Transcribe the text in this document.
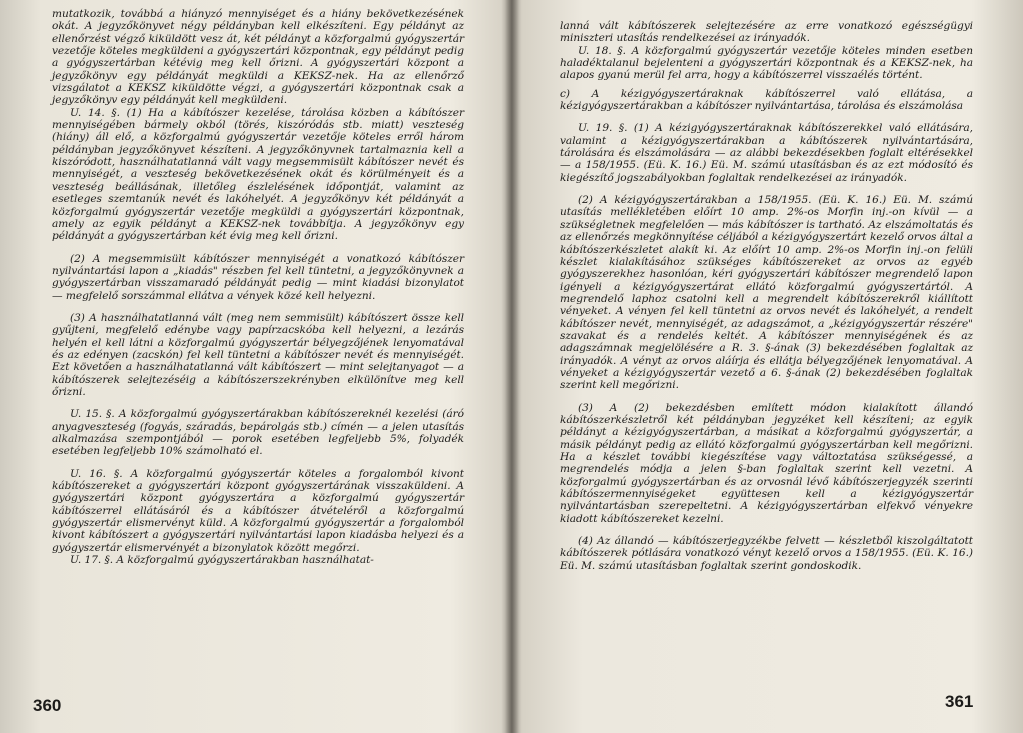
mutatkozik, továbbá a hiányzó mennyiséget és a hiány bekövetkezésének okát. A jegyzőkönyvet négy példányban kell elkészíteni. Egy példányt az ellenőrzést végző kiküldött vesz át, két példányt a közforgalmú gyógyszertár vezetője köteles megküldeni a gyógyszertári központnak, egy példányt pedig a gyógyszertárban kétévig meg kell őrizni. A gyógyszertári központ a jegyzőkönyv egy példányát megküldi a KEKSZ-nek. Ha az ellenőrző vizsgálatot a KEKSZ kiküldötte végzi, a gyógyszertári központnak csak a jegyzőkönyv egy példányát kell megküldeni.

U. 14. §. (1) Ha a kábítószer kezelése, tárolása közben a kábítószer mennyiségében bármely okból (törés, kiszóródás stb. miatt) veszteség (hiány) áll elő, a közforgalmú gyógyszertár vezetője köteles erről három példányban jegyzőkönyvet készíteni. A jegyzőkönyvnek tartalmaznia kell a kiszóródott, használhatatlanná vált vagy megsemmisült kábítószer nevét és mennyiségét, a veszteség bekövetkezésének okát és körülményeit és a veszteség beállásának, illetőleg észlelésének időpontját, valamint az esetleges szemtanúk nevét és lakóhelyét. A jegyzőkönyv két példányát a közforgalmú gyógyszertár vezetője megküldi a gyógyszertári központnak, amely az egyik példányt a KEKSZ-nek továbbítja. A jegyzőkönyv egy példányát a gyógyszertárban két évig meg kell őrizni.

(2) A megsemmisült kábítószer mennyiségét a vonatkozó kábítószer nyilvántartási lapon a „kiadás" részben fel kell tüntetni, a jegyzőkönyvnek a gyógyszertárban visszamaradó példányát pedig — mint kiadási bizonylatot — megfelelő sorszámmal ellátva a vények közé kell helyezni.

(3) A használhatatlanná vált (meg nem semmisült) kábítószert össze kell gyűjteni, megfelelő edénybe vagy papírzacskóba kell helyezni, a lezárás helyén el kell látni a közforgalmú gyógyszertár bélyegzőjének lenyomatával és az edényen (zacskón) fel kell tüntetni a kábítószer nevét és mennyiségét. Ezt követően a használhatatlanná vált kábítószert — mint selejtanyagot — a kábítószerek selejtezéséig a kábítószerszekrényben elkülönítve meg kell őrizni.

U. 15. §. A közforgalmú gyógyszertárakban kábítószereknél kezelési (áró anyagveszteség (fogyás, száradás, bepárolgás stb.) címén — a jelen utasítás alkalmazása szempontjából — porok esetében legfeljebb 5%, folyadék esetében legfeljebb 10% számolható el.

U. 16. §. A közforgalmú gyógyszertár köteles a forgalomból kivont kábítószereket a gyógyszertári központ gyógyszertárának visszaküldeni. A gyógyszertári központ gyógyszertára a közforgalmú gyógyszertár kábítószerrel ellátásáról és a kábítószer átvételéről a közforgalmú gyógyszertár elismervényt küld. A közforgalmú gyógyszertár a forgalomból kivont kábítószert a gyógyszertári nyilvántartási lapon kiadásba helyezi és a gyógyszertár elismervényét a bizonylatok között megőrzi.

U. 17. §. A közforgalmú gyógyszertárakban használhatat-

lanná vált kábítószerek selejtezésére az erre vonatkozó egészségügyi miniszteri utasítás rendelkezései az irányadók.

U. 18. §. A közforgalmú gyógyszertár vezetője köteles minden esetben haladéktalanul bejelenteni a gyógyszertári központnak és a KEKSZ-nek, ha alapos gyanú merül fel arra, hogy a kábítószerrel visszaélés történt.

c) A kézigyógyszertáraknak kábítószerrel való ellátása, a kézigyógyszertárakban a kábítószer nyilvántartása, tárolása és elszámolása

U. 19. §. (1) A kézigyógyszertáraknak kábítószerekkel való ellátására, valamint a kézigyógyszertárakban a kábítószerek nyilvántartására, tárolására és elszámolására — az alábbi bekezdésekben foglalt eltérésekkel — a 158/1955. (Eü. K. 16.) Eü. M. számú utasításban és az ezt módosító és kiegészítő jogszabályokban foglaltak rendelkezései az irányadók.

(2) A kézigyógyszertárakban a 158/1955. (Eü. K. 16.) Eü. M. számú utasítás mellékletében előírt 10 amp. 2%-os Morfin inj.-on kívül — a szükségletnek megfelelően — más kábítószer is tartható. Az elszámoltatás és az ellenőrzés megkönnyítése céljából a kézigyógyszertárt kezelő orvos által a kábítószerkészletet alakít ki. Az előírt 10 amp. 2%-os Morfin inj.-on felüli készlet kialakításához szükséges kábítószereket az orvos az egyéb gyógyszerekhez hasonlóan, kéri gyógyszertári kábítószer megrendelő lapon igényeli a kézigyógyszertárat ellátó közforgalmú gyógyszertártól. A megrendelő laphoz csatolni kell a megrendelt kábítószerekről kiállított vényeket. A vényen fel kell tüntetni az orvos nevét és lakóhelyét, a rendelt kábítószer nevét, mennyiségét, az adagszámot, a „kézigyógyszertár részére" szavakat és a rendelés keltét. A kábítószer mennyiségének és az adagszámnak megjelölésére a R. 3. §-ának (3) bekezdésében foglaltak az irányadók. A vényt az orvos aláírja és ellátja bélyegzőjének lenyomatával. A vényeket a kézigyógyszertár vezető a 6. §-ának (2) bekezdésében foglaltak szerint kell megőrizni.

(3) A (2) bekezdésben említett módon kialakított állandó kábítószerkészletről két példányban jegyzéket kell készíteni; az egyik példányt a kézigyógyszertárban, a másikat a közforgalmú gyógyszertár, a másik példányt pedig az ellátó közforgalmú gyógyszertárban kell megőrizni. Ha a készlet további kiegészítése vagy változtatása szükségessé, a megrendelés módja a jelen §-ban foglaltak szerint kell vezetni. A közforgalmú gyógyszertárban és az orvosnál lévő kábítószerjegyzék szerinti kábítószermennyiségeket együttesen kell a kézigyógyszertár nyilvántartásban szerepeltetni. A kézigyógyszertárban elfekvő vényekre kiadott kábítószereket kezelni.

(4) Az állandó — kábítószerjegyzékbe felvett — készletből kiszolgáltatott kábítószerek pótlására vonatkozó vényt kezelő orvos a 158/1955. (Eü. K. 16.) Eü. M. számú utasításban foglaltak szerint gondoskodik.

360	361
